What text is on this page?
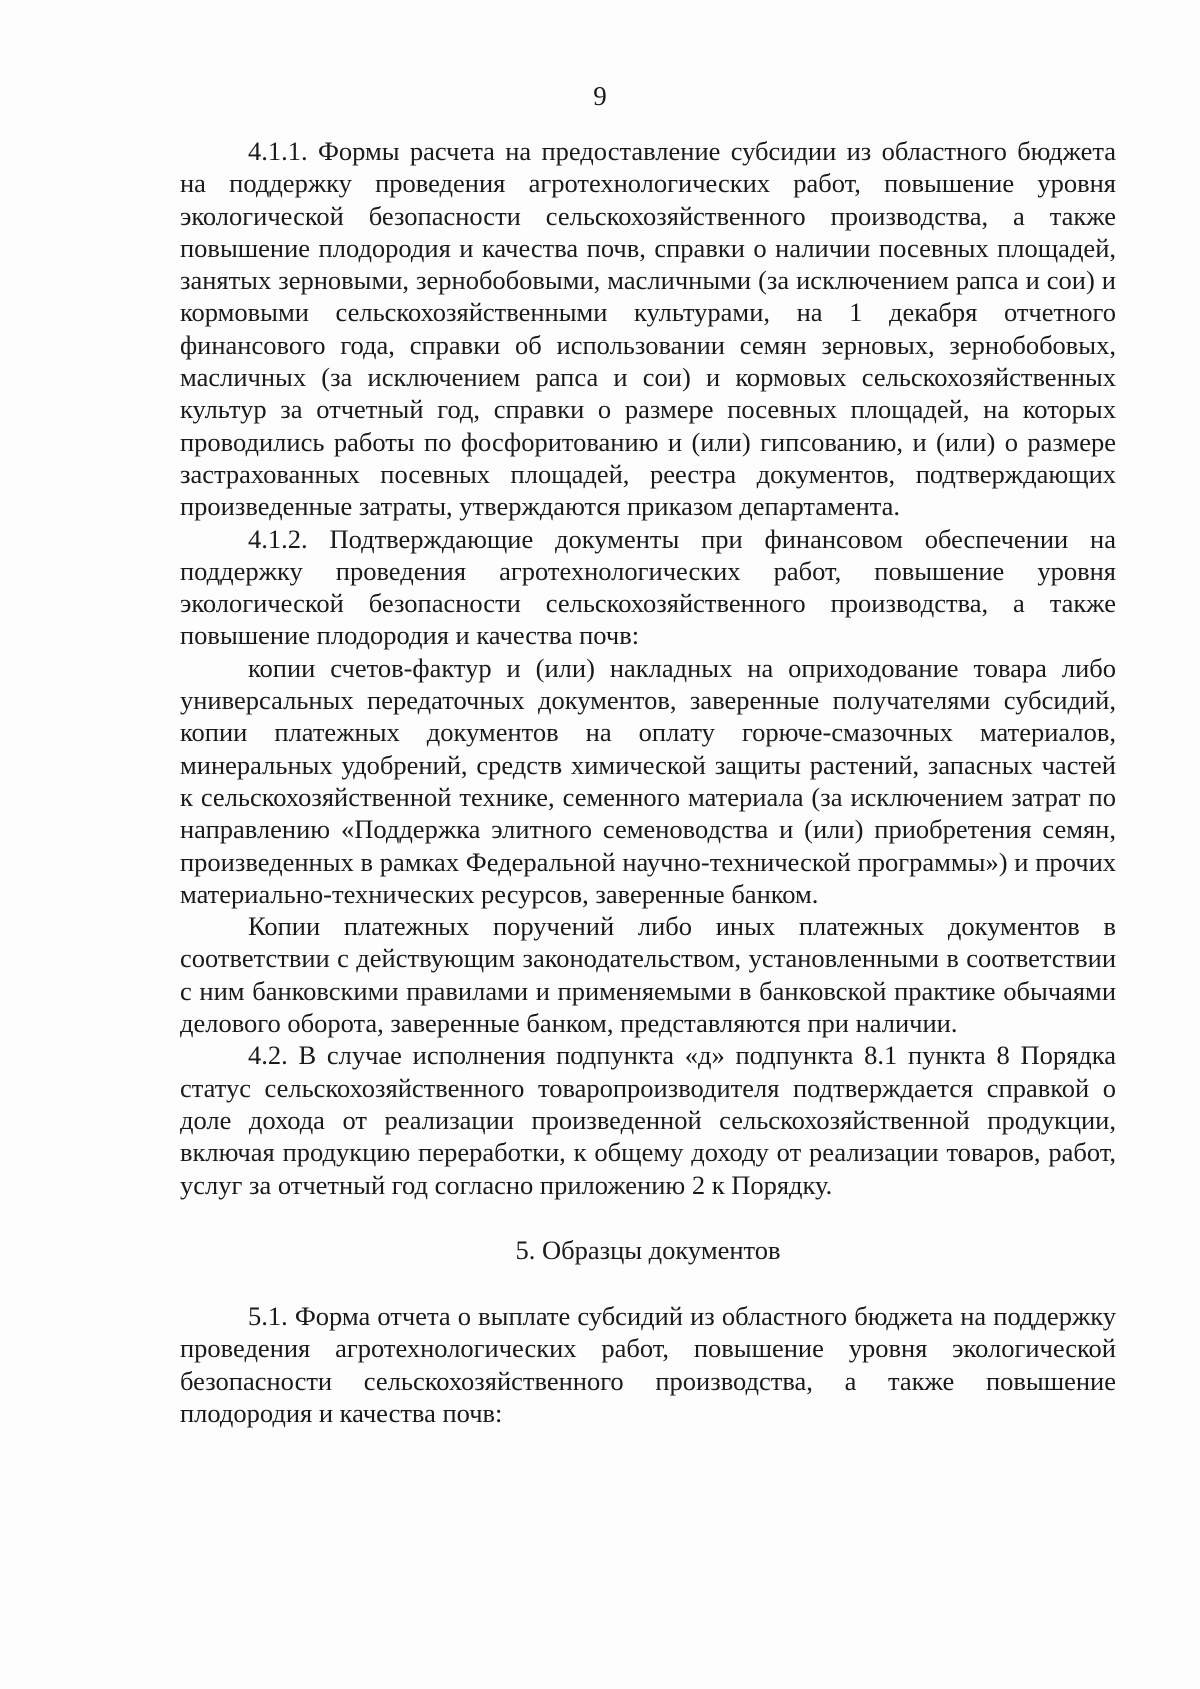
9

4.1.1. Формы расчета на предоставление субсидии из областного бюджета на поддержку проведения агротехнологических работ, повышение уровня экологической безопасности сельскохозяйственного производства, а также повышение плодородия и качества почв, справки о наличии посевных площадей, занятых зерновыми, зернобобовыми, масличными (за исключением рапса и сои) и кормовыми сельскохозяйственными культурами, на 1 декабря отчетного финансового года, справки об использовании семян зерновых, зернобобовых, масличных (за исключением рапса и сои) и кормовых сельскохозяйственных культур за отчетный год, справки о размере посевных площадей, на которых проводились работы по фосфоритованию и (или) гипсованию, и (или) о размере застрахованных посевных площадей, реестра документов, подтверждающих произведенные затраты, утверждаются приказом департамента.

4.1.2. Подтверждающие документы при финансовом обеспечении на поддержку проведения агротехнологических работ, повышение уровня экологической безопасности сельскохозяйственного производства, а также повышение плодородия и качества почв:

копии счетов-фактур и (или) накладных на оприходование товара либо универсальных передаточных документов, заверенные получателями субсидий, копии платежных документов на оплату горюче-смазочных материалов, минеральных удобрений, средств химической защиты растений, запасных частей к сельскохозяйственной технике, семенного материала (за исключением затрат по направлению «Поддержка элитного семеноводства и (или) приобретения семян, произведенных в рамках Федеральной научно-технической программы») и прочих материально-технических ресурсов, заверенные банком.

Копии платежных поручений либо иных платежных документов в соответствии с действующим законодательством, установленными в соответствии с ним банковскими правилами и применяемыми в банковской практике обычаями делового оборота, заверенные банком, представляются при наличии.

4.2. В случае исполнения подпункта «д» подпункта 8.1 пункта 8 Порядка статус сельскохозяйственного товаропроизводителя подтверждается справкой о доле дохода от реализации произведенной сельскохозяйственной продукции, включая продукцию переработки, к общему доходу от реализации товаров, работ, услуг за отчетный год согласно приложению 2 к Порядку.

5. Образцы документов

5.1. Форма отчета о выплате субсидий из областного бюджета на поддержку проведения агротехнологических работ, повышение уровня экологической безопасности сельскохозяйственного производства, а также повышение плодородия и качества почв:
